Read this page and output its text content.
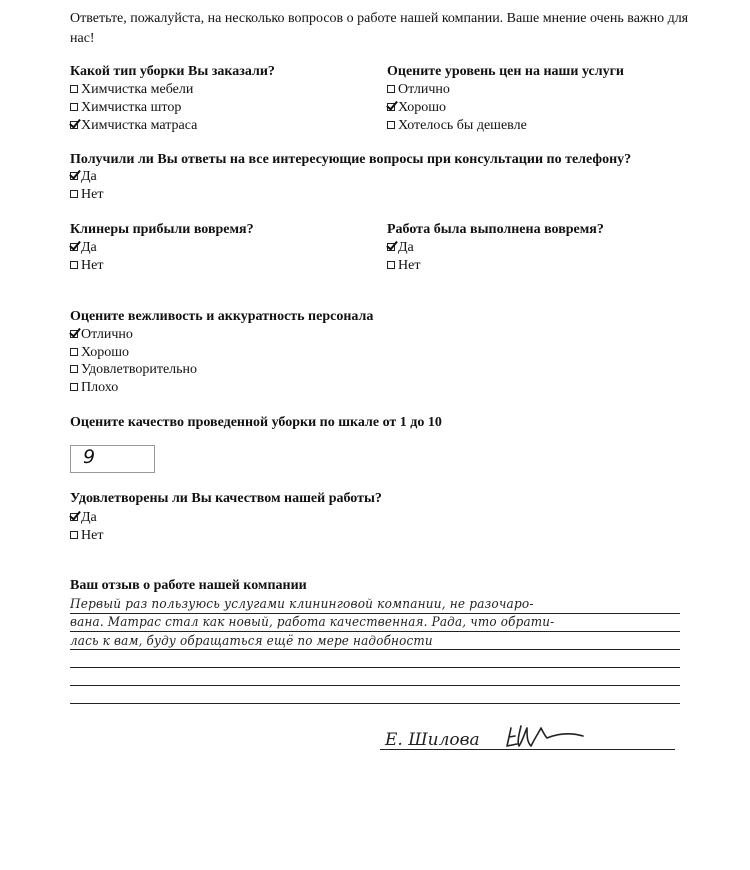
Ответьте, пожалуйста, на несколько вопросов о работе нашей компании. Ваше мнение очень важно для нас!
Какой тип уборки Вы заказали?
Химчистка мебели
Химчистка штор
Химчистка матраса
Оцените уровень цен на наши услуги
Отлично
Хорошо
Хотелось бы дешевле
Получили ли Вы ответы на все интересующие вопросы при консультации по телефону?
Да
Нет
Клинеры прибыли вовремя?
Да
Нет
Работа была выполнена вовремя?
Да
Нет
Оцените вежливость и аккуратность персонала
Отлично
Хорошо
Удовлетворительно
Плохо
Оцените качество проведенной уборки по шкале от 1 до 10
9
Удовлетворены ли Вы качеством нашей работы?
Да
Нет
Ваш отзыв о работе нашей компании
Первый раз пользуюсь услугами клининговой компании, не разочаро-
вана. Матрас стал как новый, работа качественная. Рада, что обрати-
лась к вам, буду обращаться ещё по мере надобности
Е. Шилова
